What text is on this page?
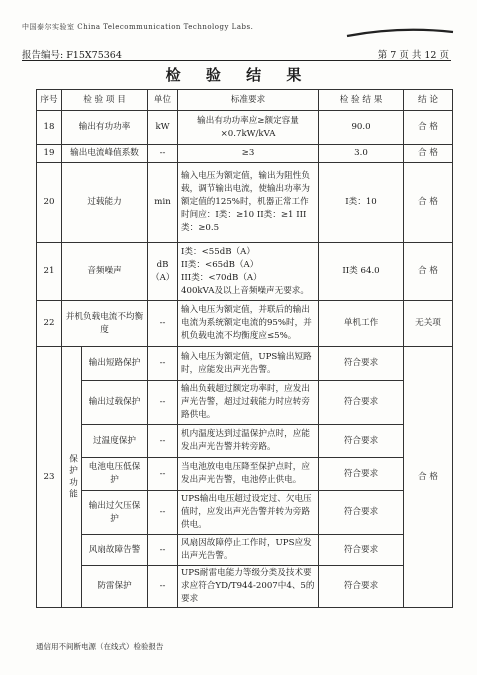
中国泰尔实验室 China Telecommunication Technology Labs.
报告编号: F15X75364	第 7 页 共 12 页
检 验 结 果
序号	检 验 项 目		单位	标准要求	检 验 结 果	结 论
18	输出有功功率		kW	输出有功功率应≥额定容量×0.7kW/kVA	90.0	合 格
19	输出电流峰值系数		--	≥3	3.0	合 格
20	过载能力		min	输入电压为额定值，输出为阻性负载，调节输出电流，使输出功率为额定值的125%时，机器正常工作时间应：I类：≥10 II类：≥1 III类：≥0.5	I类：10	合 格
21	音频噪声		dB（A）	I类：<55dB（A）
II类：<65dB（A）
III类：<70dB（A）
400kVA及以上音频噪声无要求。	II类 64.0	合 格
22	并机负载电流不均衡度		--	输入电压为额定值，并联后的输出电流为系统额定电流的95%时，并机负载电流不均衡度应≤5%。	单机工作	无关项
23	保护功能	输出短路保护	--	输入电压为额定值，UPS输出短路时，应能发出声光告警。	符合要求	合 格
		输出过载保护	--	输出负载超过额定功率时，应发出声光告警，超过过载能力时应转旁路供电。	符合要求	
		过温度保护	--	机内温度达到过温保护点时，应能发出声光告警并转旁路。	符合要求	
		电池电压低保护	--	当电池放电电压降至保护点时，应发出声光告警，电池停止供电。	符合要求	
		输出过欠压保护	--	UPS输出电压超过设定过、欠电压值时，应发出声光告警并转为旁路供电。	符合要求	
		风扇故障告警	--	风扇因故障停止工作时，UPS应发出声光告警。	符合要求	
		防雷保护	--	UPS耐雷电能力等级分类及技术要求应符合YD/T944-2007中4、5的要求	符合要求	
通信用不间断电源（在线式）检验报告
